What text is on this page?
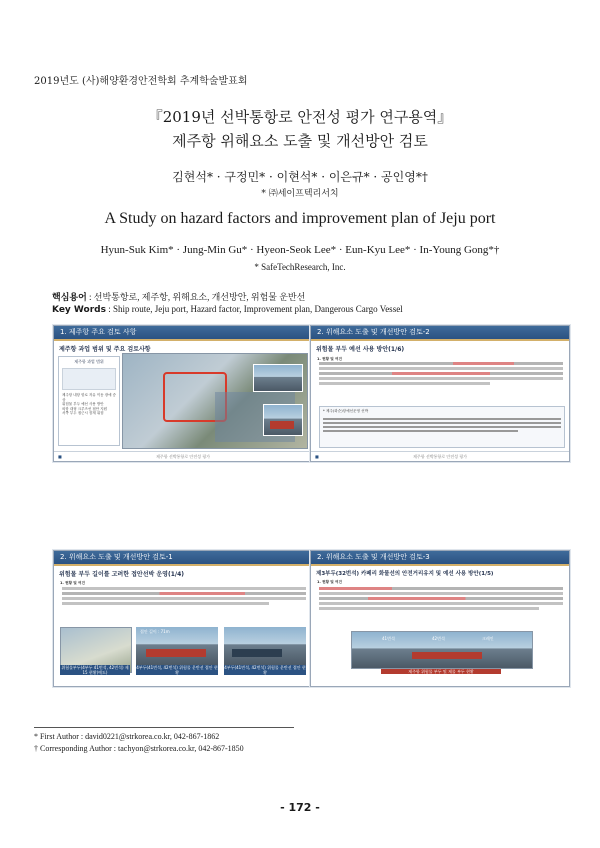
2019년도 (사)해양환경안전학회 추계학술발표회
『2019년 선박통항로 안전성 평가 연구용역』
제주항 위해요소 도출 및 개선방안 검토
김현석* · 구정민* · 이현석* · 이은규* · 공인영*†
* ㈜세이프텍리서치
A Study on hazard factors and improvement plan of Jeju port
Hyun-Suk Kim* · Jung-Min Gu* · Hyeon-Seok Lee* · Eun-Kyu Lee* · In-Young Gong*†
* SafeTechResearch, Inc.
핵심용어 : 선박통항로, 제주항, 위해요소, 개선방안, 위험물 운반선
Key Words : Ship route, Jeju port, Hazard factor, Improvement plan, Dangerous Cargo Vessel
1. 제주항 주요 검토 사항
제주항 과업 범위 및 주요 검토사항
제주항 과업 범위
제주항 내항 항로 자유 이동 장애 증상
위험물 부두 예선 사용 방안
외항 대형 크루즈선 접안 지원
서쪽 부두 접근시 잠재 위험
■	제주항 선박통항로 안전성 평가
2. 위해요소 도출 및 개선방안 검토-2
위험물 부두 예선 사용 방안(1/6)
1. 현황 및 여건
* 제주(화순)항예선운영 선박
■	제주항 선박통항로 안전성 평가
2. 위해요소 도출 및 개선방안 검토-1
위험물 부두 길이를 고려한 접안선박 운영(1/4)
1. 현황 및 여건
위험물부두(4부두 41번석, 42번석) 제15 현황(예도)
접안 길이 : 71m
4부두(41번석, 42번석) 위험물 운반선 접안 현황
4부두(41번석, 42번석) 위험물 운반선 접안 현황
2. 위해요소 도출 및 개선방안 검토-3
제3부두(32번석) 카페리 화물선의 안전거리유지 및 예선 사용 방안(1/5)
1. 현황 및 여건
41번석	42번석	크레인
제주항 위험물 부두 및 제물 부두 현황
* First Author : david0221@strkorea.co.kr, 042-867-1862
† Corresponding Author : tachyon@strkorea.co.kr, 042-867-1850
- 172 -
